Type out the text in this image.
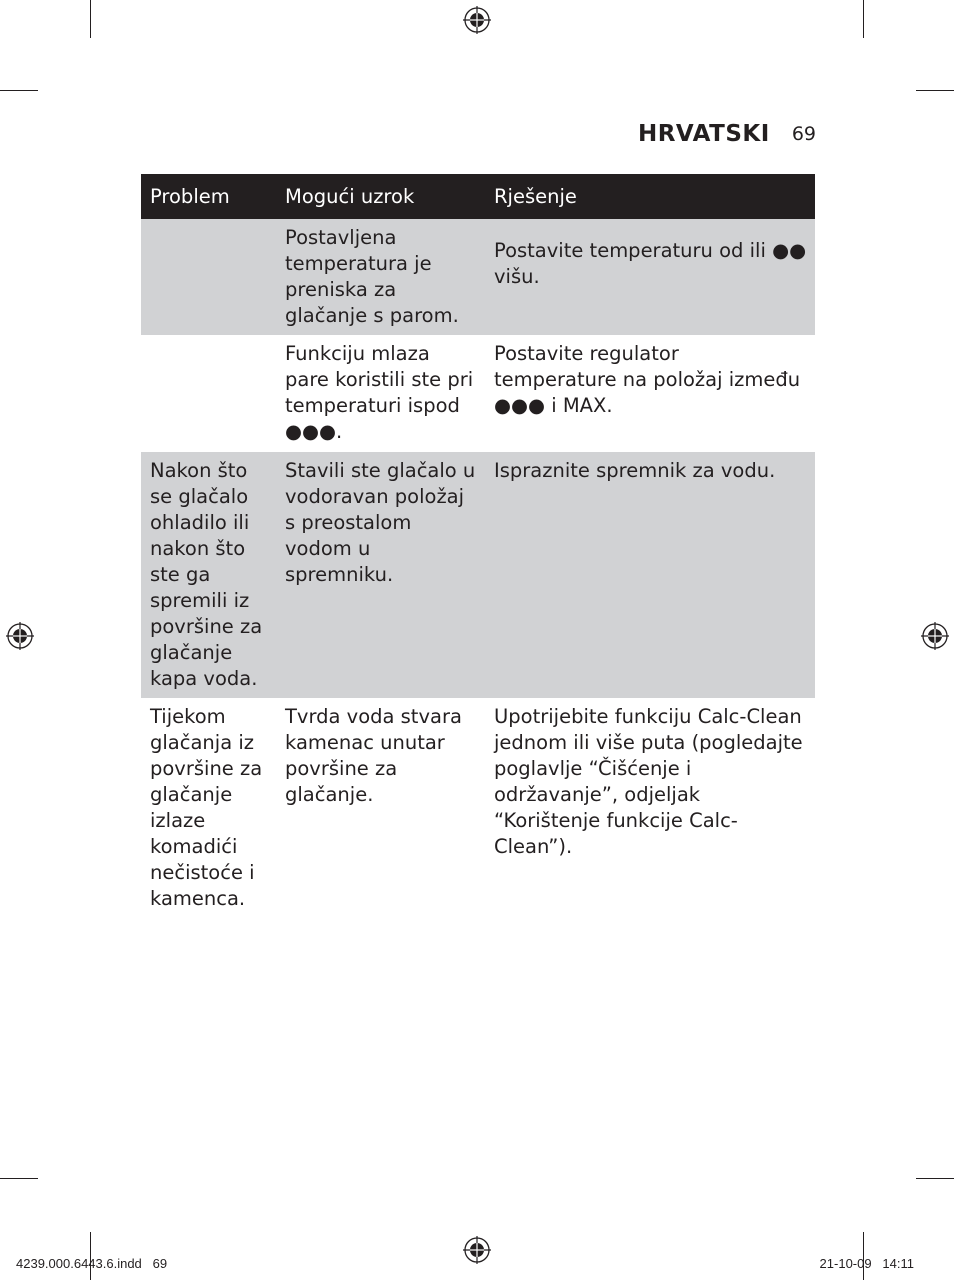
HRVATSKI 69
Problem	Mogući uzrok	Rješenje
	Postavljena temperatura je preniska za glačanje s parom.	Postavite temperaturu od ili ●● višu.
	Funkciju mlaza pare koristili ste pri temperaturi ispod ●●●.	Postavite regulator temperature na položaj između ●●● i MAX.
Nakon što se glačalo ohladilo ili nakon što ste ga spremili iz površine za glačanje kapa voda.	Stavili ste glačalo u vodoravan položaj s preostalom vodom u spremniku.	Ispraznite spremnik za vodu.
Tijekom glačanja iz površine za glačanje izlaze komadići nečistoće i kamenca.	Tvrda voda stvara kamenac unutar površine za glačanje.	Upotrijebite funkciju Calc-Clean jednom ili više puta (pogledajte poglavlje “Čišćenje i održavanje”, odjeljak “Korištenje funkcije Calc-Clean”).
4239.000.6443.6.indd   69	21-10-09   14:11
